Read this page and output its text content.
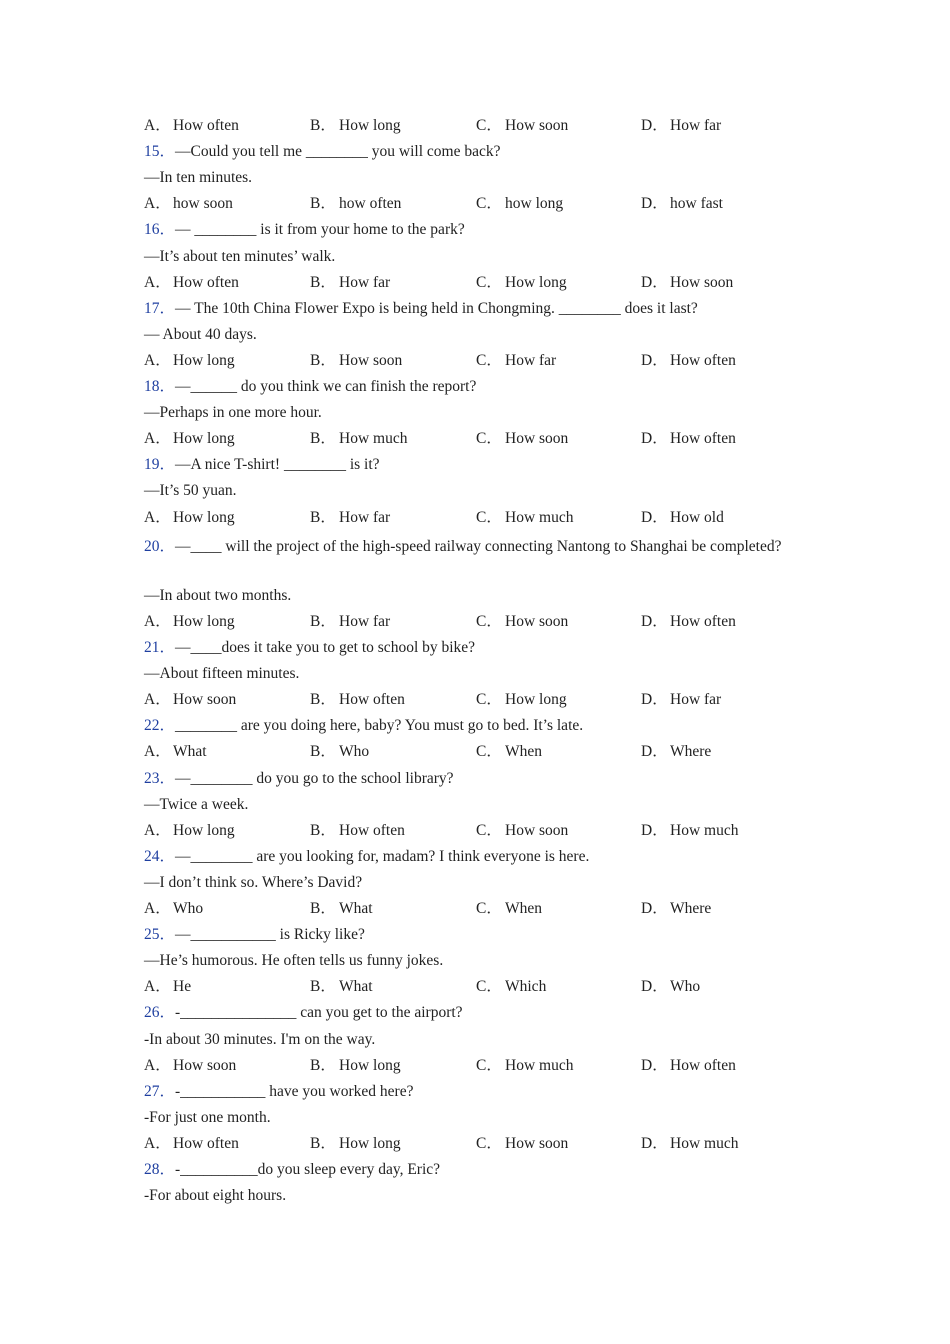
A． How often	B． How long	C． How soon	D． How far
15．—Could you tell me ________ you will come back?
—In ten minutes.
A． how soon	B． how often	C． how long	D． how fast
16．— ________ is it from your home to the park?
—It’s about ten minutes’ walk.
A． How often	B． How far	C． How long	D． How soon
17．— The 10th China Flower Expo is being held in Chongming. ________ does it last?
— About 40 days.
A． How long	B． How soon	C． How far	D． How often
18．—______ do you think we can finish the report?
—Perhaps in one more hour.
A． How long	B． How much	C． How soon	D． How often
19．—A nice T-shirt! ________ is it?
—It’s 50 yuan.
A． How long	B． How far	C． How much	D． How old
20．—____ will the project of the high-speed railway connecting Nantong to Shanghai be completed?
—In about two months.
A． How long	B． How far	C． How soon	D． How often
21．—____does it take you to get to school by bike?
—About fifteen minutes.
A． How soon	B． How often	C． How long	D． How far
22．________ are you doing here, baby? You must go to bed. It’s late.
A． What	B． Who	C． When	D． Where
23．—________ do you go to the school library?
—Twice a week.
A． How long	B． How often	C． How soon	D． How much
24．—________ are you looking for, madam? I think everyone is here.
—I don’t think so. Where’s David?
A． Who	B． What	C． When	D． Where
25．—___________ is Ricky like?
—He’s humorous. He often tells us funny jokes.
A． He	B． What	C． Which	D． Who
26．-_______________ can you get to the airport?
-In about 30 minutes. I'm on the way.
A． How soon	B． How long	C． How much	D． How often
27．-___________ have you worked here?
-For just one month.
A． How often	B． How long	C． How soon	D． How much
28．-__________do you sleep every day, Eric?
-For about eight hours.
